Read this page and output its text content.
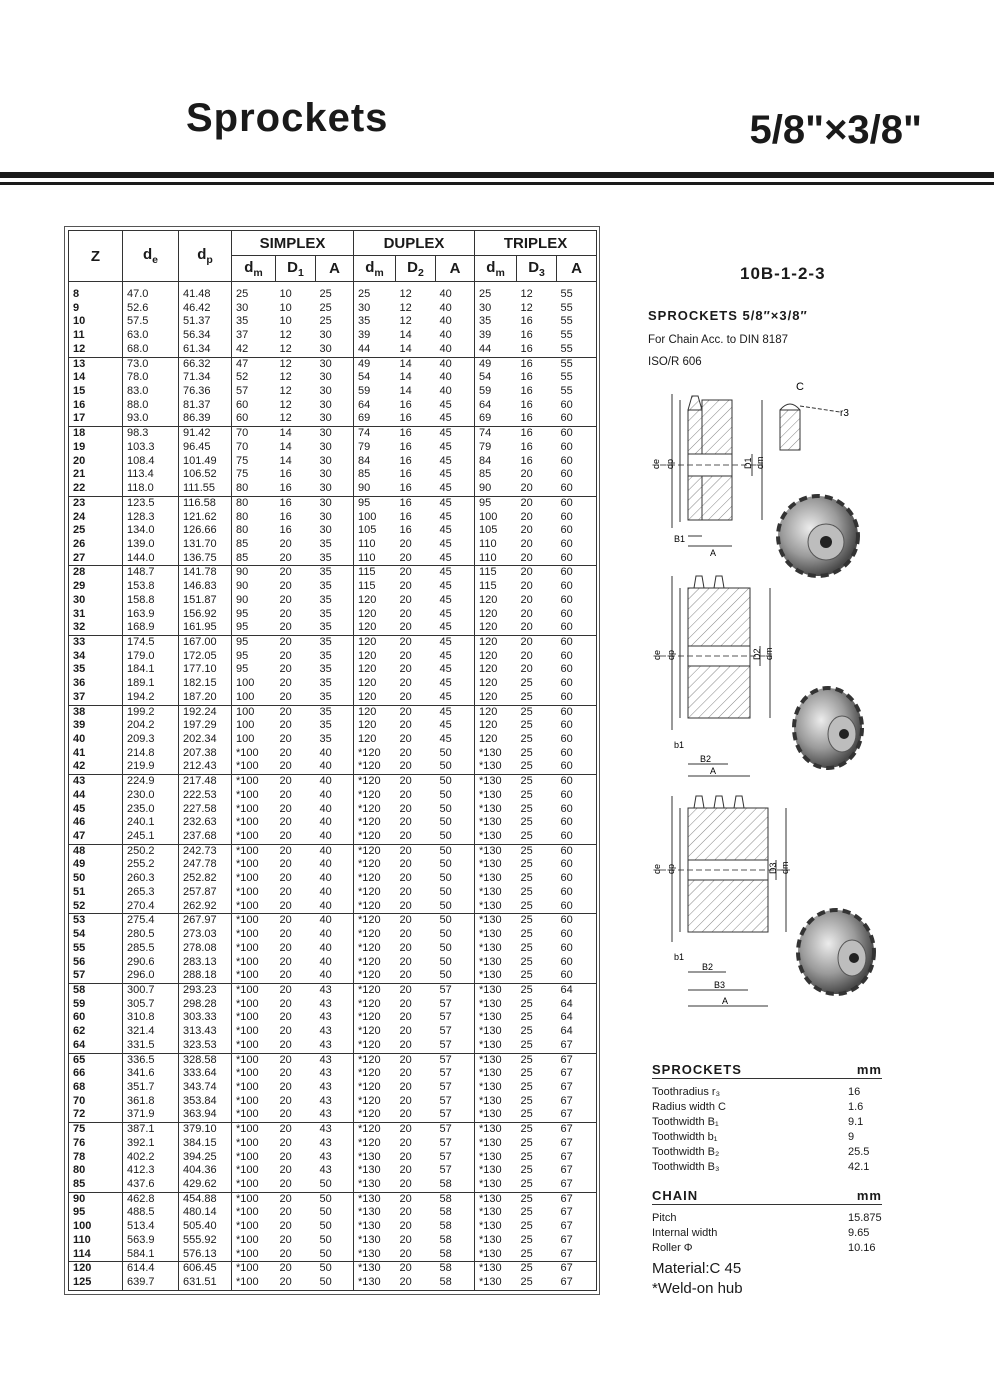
Sprockets	5/8"×3/8"
Z	$d_e$	$d_p$	SIMPLEX			DUPLEX			TRIPLEX		
			$d_m$	$D_1$	A	$d_m$	$D_2$	A	$d_m$	$D_3$	A
8	47.0	41.48	25	10	25	25	12	40	25	12	55
9	52.6	46.42	30	10	25	30	12	40	30	12	55
10	57.5	51.37	35	10	25	35	12	40	35	16	55
11	63.0	56.34	37	12	30	39	14	40	39	16	55
12	68.0	61.34	42	12	30	44	14	40	44	16	55
13	73.0	66.32	47	12	30	49	14	40	49	16	55
14	78.0	71.34	52	12	30	54	14	40	54	16	55
15	83.0	76.36	57	12	30	59	14	40	59	16	55
16	88.0	81.37	60	12	30	64	16	45	64	16	60
17	93.0	86.39	60	12	30	69	16	45	69	16	60
18	98.3	91.42	70	14	30	74	16	45	74	16	60
19	103.3	96.45	70	14	30	79	16	45	79	16	60
20	108.4	101.49	75	14	30	84	16	45	84	16	60
21	113.4	106.52	75	16	30	85	16	45	85	20	60
22	118.0	111.55	80	16	30	90	16	45	90	20	60
23	123.5	116.58	80	16	30	95	16	45	95	20	60
24	128.3	121.62	80	16	30	100	16	45	100	20	60
25	134.0	126.66	80	16	30	105	16	45	105	20	60
26	139.0	131.70	85	20	35	110	20	45	110	20	60
27	144.0	136.75	85	20	35	110	20	45	110	20	60
28	148.7	141.78	90	20	35	115	20	45	115	20	60
29	153.8	146.83	90	20	35	115	20	45	115	20	60
30	158.8	151.87	90	20	35	120	20	45	120	20	60
31	163.9	156.92	95	20	35	120	20	45	120	20	60
32	168.9	161.95	95	20	35	120	20	45	120	20	60
33	174.5	167.00	95	20	35	120	20	45	120	20	60
34	179.0	172.05	95	20	35	120	20	45	120	20	60
35	184.1	177.10	95	20	35	120	20	45	120	20	60
36	189.1	182.15	100	20	35	120	20	45	120	25	60
37	194.2	187.20	100	20	35	120	20	45	120	25	60
38	199.2	192.24	100	20	35	120	20	45	120	25	60
39	204.2	197.29	100	20	35	120	20	45	120	25	60
40	209.3	202.34	100	20	35	120	20	45	120	25	60
41	214.8	207.38	*100	20	40	*120	20	50	*130	25	60
42	219.9	212.43	*100	20	40	*120	20	50	*130	25	60
43	224.9	217.48	*100	20	40	*120	20	50	*130	25	60
44	230.0	222.53	*100	20	40	*120	20	50	*130	25	60
45	235.0	227.58	*100	20	40	*120	20	50	*130	25	60
46	240.1	232.63	*100	20	40	*120	20	50	*130	25	60
47	245.1	237.68	*100	20	40	*120	20	50	*130	25	60
48	250.2	242.73	*100	20	40	*120	20	50	*130	25	60
49	255.2	247.78	*100	20	40	*120	20	50	*130	25	60
50	260.3	252.82	*100	20	40	*120	20	50	*130	25	60
51	265.3	257.87	*100	20	40	*120	20	50	*130	25	60
52	270.4	262.92	*100	20	40	*120	20	50	*130	25	60
53	275.4	267.97	*100	20	40	*120	20	50	*130	25	60
54	280.5	273.03	*100	20	40	*120	20	50	*130	25	60
55	285.5	278.08	*100	20	40	*120	20	50	*130	25	60
56	290.6	283.13	*100	20	40	*120	20	50	*130	25	60
57	296.0	288.18	*100	20	40	*120	20	50	*130	25	60
58	300.7	293.23	*100	20	43	*120	20	57	*130	25	64
59	305.7	298.28	*100	20	43	*120	20	57	*130	25	64
60	310.8	303.33	*100	20	43	*120	20	57	*130	25	64
62	321.4	313.43	*100	20	43	*120	20	57	*130	25	64
64	331.5	323.53	*100	20	43	*120	20	57	*130	25	67
65	336.5	328.58	*100	20	43	*120	20	57	*130	25	67
66	341.6	333.64	*100	20	43	*120	20	57	*130	25	67
68	351.7	343.74	*100	20	43	*120	20	57	*130	25	67
70	361.8	353.84	*100	20	43	*120	20	57	*130	25	67
72	371.9	363.94	*100	20	43	*120	20	57	*130	25	67
75	387.1	379.10	*100	20	43	*120	20	57	*130	25	67
76	392.1	384.15	*100	20	43	*120	20	57	*130	25	67
78	402.2	394.25	*100	20	43	*130	20	57	*130	25	67
80	412.3	404.36	*100	20	43	*130	20	57	*130	25	67
85	437.6	429.62	*100	20	50	*130	20	58	*130	25	67
90	462.8	454.88	*100	20	50	*130	20	58	*130	25	67
95	488.5	480.14	*100	20	50	*130	20	58	*130	25	67
100	513.4	505.40	*100	20	50	*130	20	58	*130	25	67
110	563.9	555.92	*100	20	50	*130	20	58	*130	25	67
114	584.1	576.13	*100	20	50	*130	20	58	*130	25	67
120	614.4	606.45	*100	20	50	*130	20	58	*130	25	67
125	639.7	631.51	*100	20	50	*130	20	58	*130	25	67
10B-1-2-3
SPROCKETS 5/8″×3/8″
For Chain Acc. to DIN 8187
ISO/R 606
de dp	D1 dm
B1
A
C
r3
de dp	D2 dm
b1
B2
A
de dp	D3 dm
b1
B2
B3
A
SPROCKETS	mm
Toothradius r₃	16
Radius width C	1.6
Toothwidth B₁	9.1
Toothwidth b₁	9
Toothwidth B₂	25.5
Toothwidth B₃	42.1
CHAIN	mm
Pitch	15.875
Internal width	9.65
Roller Φ	10.16
Material:C 45
*Weld-on hub
